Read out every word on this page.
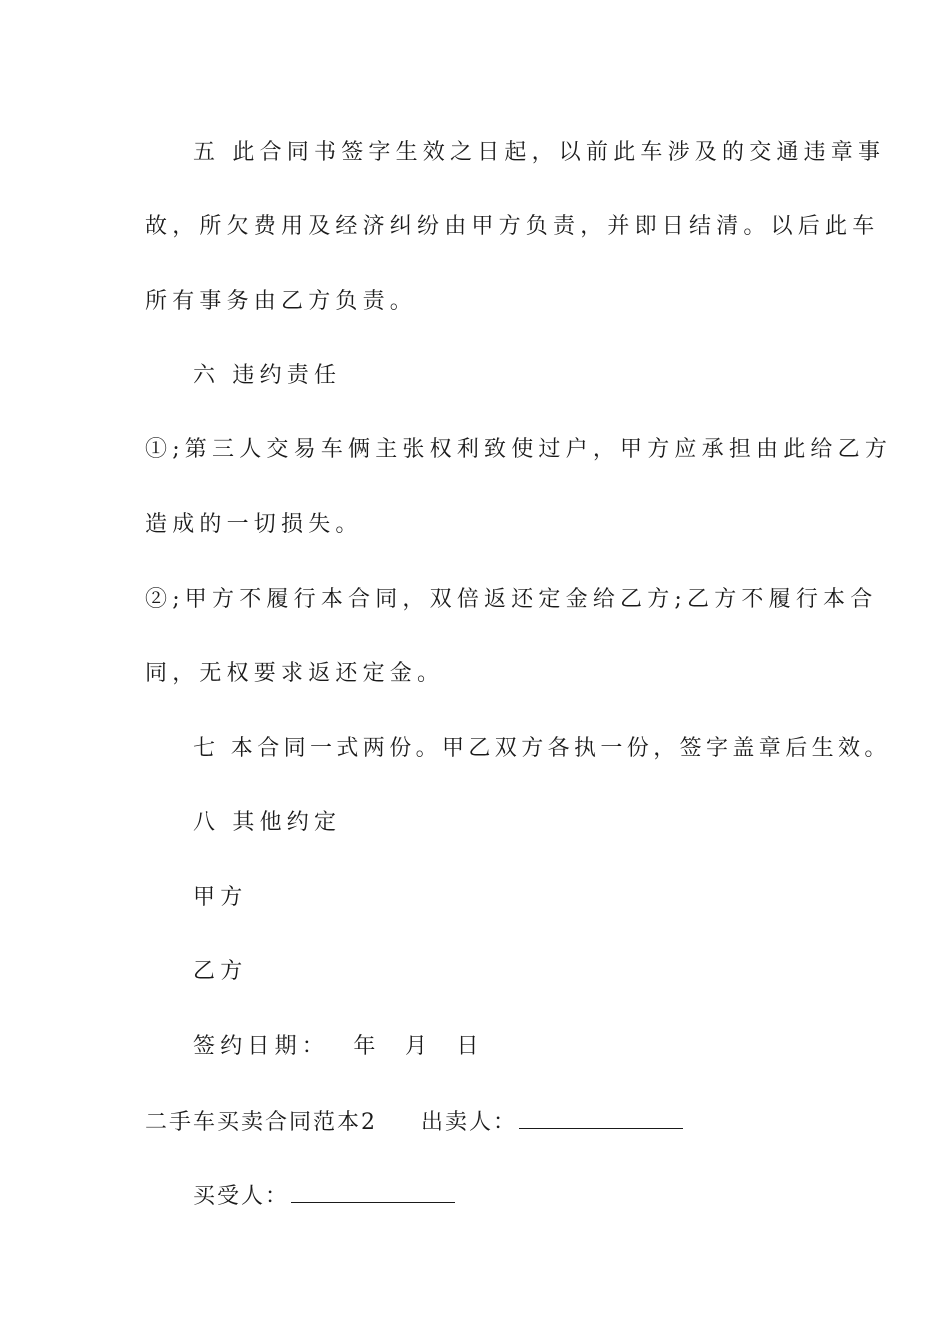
五 此合同书签字生效之日起，以前此车涉及的交通违章事
故，所欠费用及经济纠纷由甲方负责，并即日结清。以后此车
所有事务由乙方负责。
六 违约责任
①;第三人交易车俩主张权利致使过户，甲方应承担由此给乙方
造成的一切损失。
②;甲方不履行本合同，双倍返还定金给乙方;乙方不履行本合
同，无权要求返还定金。
七 本合同一式两份。甲乙双方各执一份，签字盖章后生效。
八 其他约定
甲方
乙方
签约日期：  年  月  日
二手车买卖合同范本2 出卖人：
买受人：
